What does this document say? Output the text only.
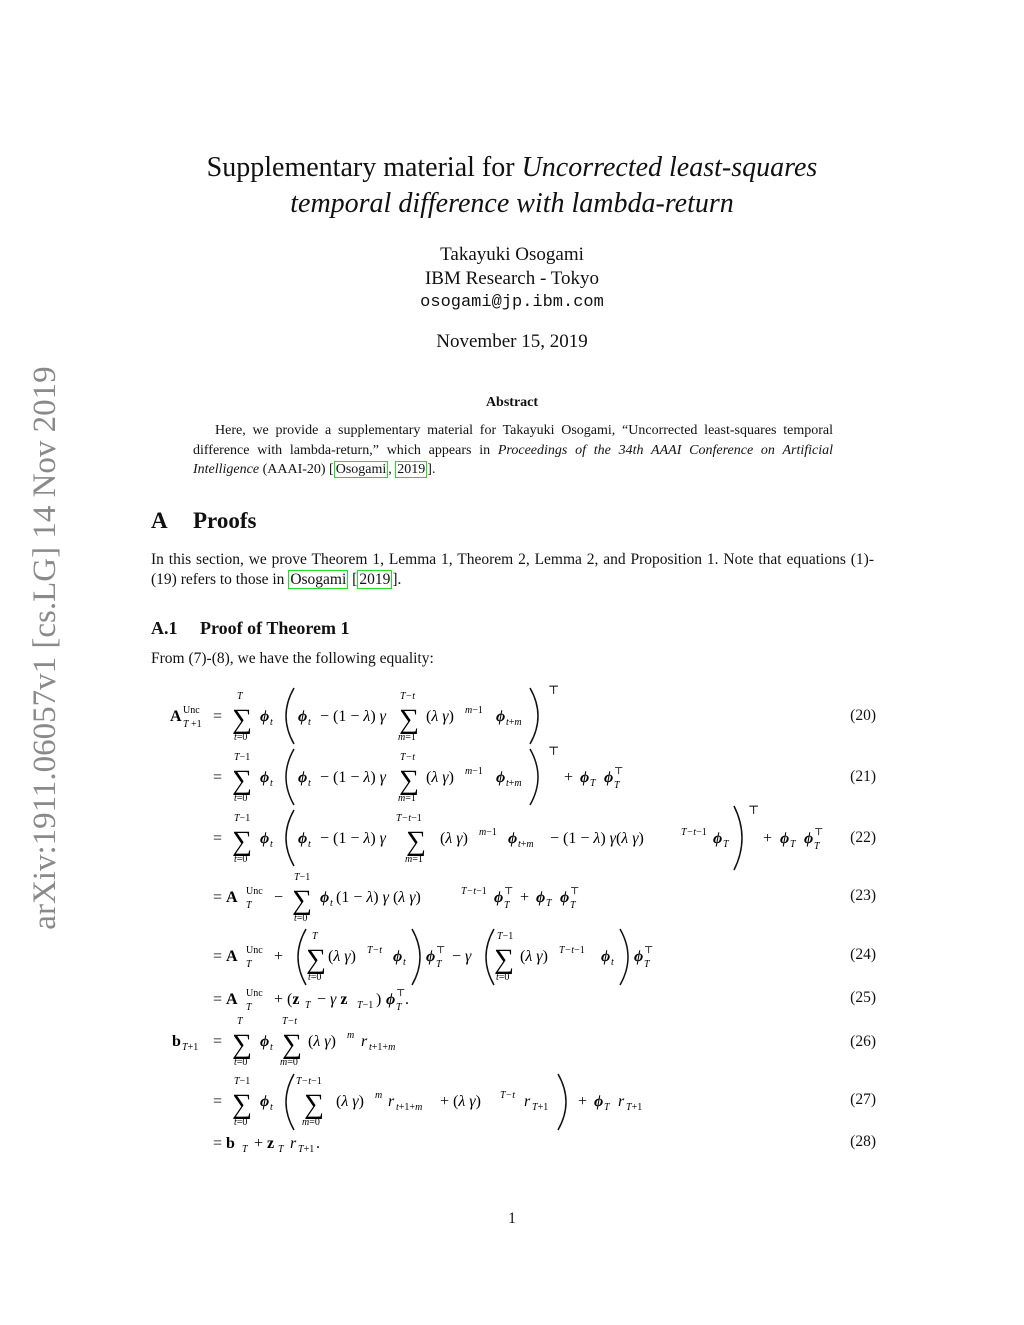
arXiv:1911.06057v1 [cs.LG] 14 Nov 2019
Supplementary material for Uncorrected least-squares
temporal difference with lambda-return
Takayuki Osogami
IBM Research - Tokyo
osogami@jp.ibm.com
November 15, 2019
Abstract

Here, we provide a supplementary material for Takayuki Osogami, “Uncorrected least-squares temporal difference with lambda-return,” which appears in Proceedings of the 34th AAAI Conference on Artificial Intelligence (AAAI-20) [ Osogami , 2019 ].

A Proofs

In this section, we prove Theorem 1, Lemma 1, Theorem 2, Lemma 2, and Proposition 1. Note that equations (1)-(19) refers to those in Osogami [ 2019 ].

A.1 Proof of Theorem 1
From (7)-(8), we have the following equality:
A Unc
T +1 =
T
∑
t=0
ϕ t ϕ t − (1 − λ) γ
T−t
∑
m=1
(λ γ) m−1 ϕ t+m
⊤
(20)
=
T−1
∑
t=0
ϕ t ϕ t − (1 − λ) γ
T−t
∑
m=1
(λ γ) m−1 ϕ t+m
⊤
+ ϕ T ϕ ⊤
T
(21)
=
T−1
∑
t=0
ϕ t ϕ t − (1 − λ) γ
T−t−1
∑
m=1
(λ γ) m−1 ϕ t+m − (1 − λ) γ(λ γ)	T−t−1 ϕ T
⊤
+ ϕ T ϕ ⊤
T
(22)
= A Unc
T −
T−1
∑
t=0
ϕ t (1 − λ) γ (λ γ)	T−t−1 ϕ ⊤
T + ϕ T ϕ ⊤
T
(23)
= A Unc
T +
T
∑
t=0
(λ γ) T−t ϕ t ϕ ⊤
T − γ
T−1
∑
t=0
(λ γ) T−t−1 ϕ t ϕ ⊤
T
(24)
= A Unc
T + (z T − γ z T−1 ) ϕ ⊤
T .	(25)
b T+1 =
T
∑
t=0
ϕ t
T−t
∑
m=0
(λ γ) m r t+1+m	(26)
=
T−1
∑
t=0
ϕ t
T−t−1
∑
m=0
(λ γ) m r t+1+m + (λ γ) T−t r T+1 + ϕ T r T+1	(27)
= b T + z T r T+1 .	(28)
1
